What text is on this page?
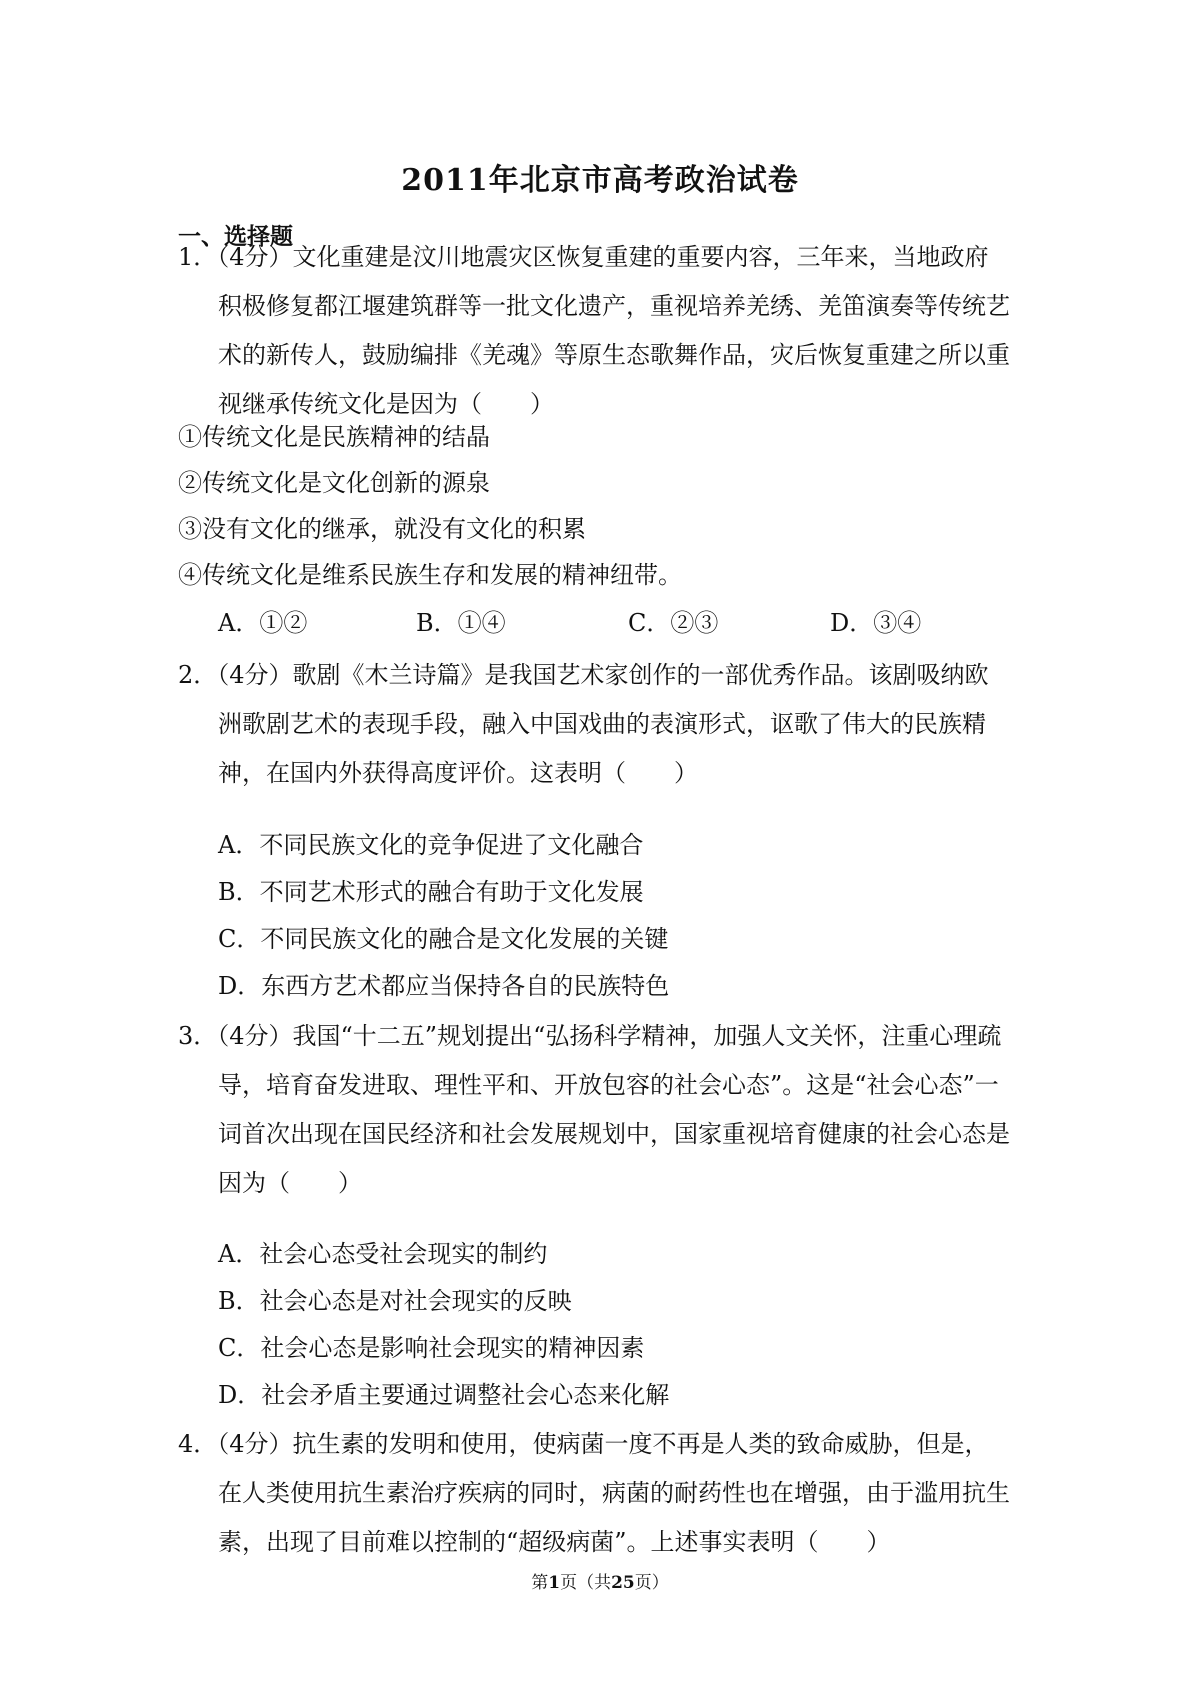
2011年北京市高考政治试卷
一、选择题
1．（4分）文化重建是汶川地震灾区恢复重建的重要内容，三年来，当地政府
积极修复都江堰建筑群等一批文化遗产，重视培养羌绣、羌笛演奏等传统艺
术的新传人，鼓励编排《羌魂》等原生态歌舞作品，灾后恢复重建之所以重
视继承传统文化是因为（　　）
①传统文化是民族精神的结晶
②传统文化是文化创新的源泉
③没有文化的继承，就没有文化的积累
④传统文化是维系民族生存和发展的精神纽带。
A．①②	B．①④	C．②③	D．③④
2．（4分）歌剧《木兰诗篇》是我国艺术家创作的一部优秀作品。该剧吸纳欧
洲歌剧艺术的表现手段，融入中国戏曲的表演形式，讴歌了伟大的民族精
神，在国内外获得高度评价。这表明（　　）
A．不同民族文化的竞争促进了文化融合
B．不同艺术形式的融合有助于文化发展
C．不同民族文化的融合是文化发展的关键
D．东西方艺术都应当保持各自的民族特色
3．（4分）我国“十二五”规划提出“弘扬科学精神，加强人文关怀，注重心理疏
导，培育奋发进取、理性平和、开放包容的社会心态”。这是“社会心态”一
词首次出现在国民经济和社会发展规划中，国家重视培育健康的社会心态是
因为（　　）
A．社会心态受社会现实的制约
B．社会心态是对社会现实的反映
C．社会心态是影响社会现实的精神因素
D．社会矛盾主要通过调整社会心态来化解
4．（4分）抗生素的发明和使用，使病菌一度不再是人类的致命威胁，但是，
在人类使用抗生素治疗疾病的同时，病菌的耐药性也在增强，由于滥用抗生
素，出现了目前难以控制的“超级病菌”。上述事实表明（　　）
第1页（共25页）
